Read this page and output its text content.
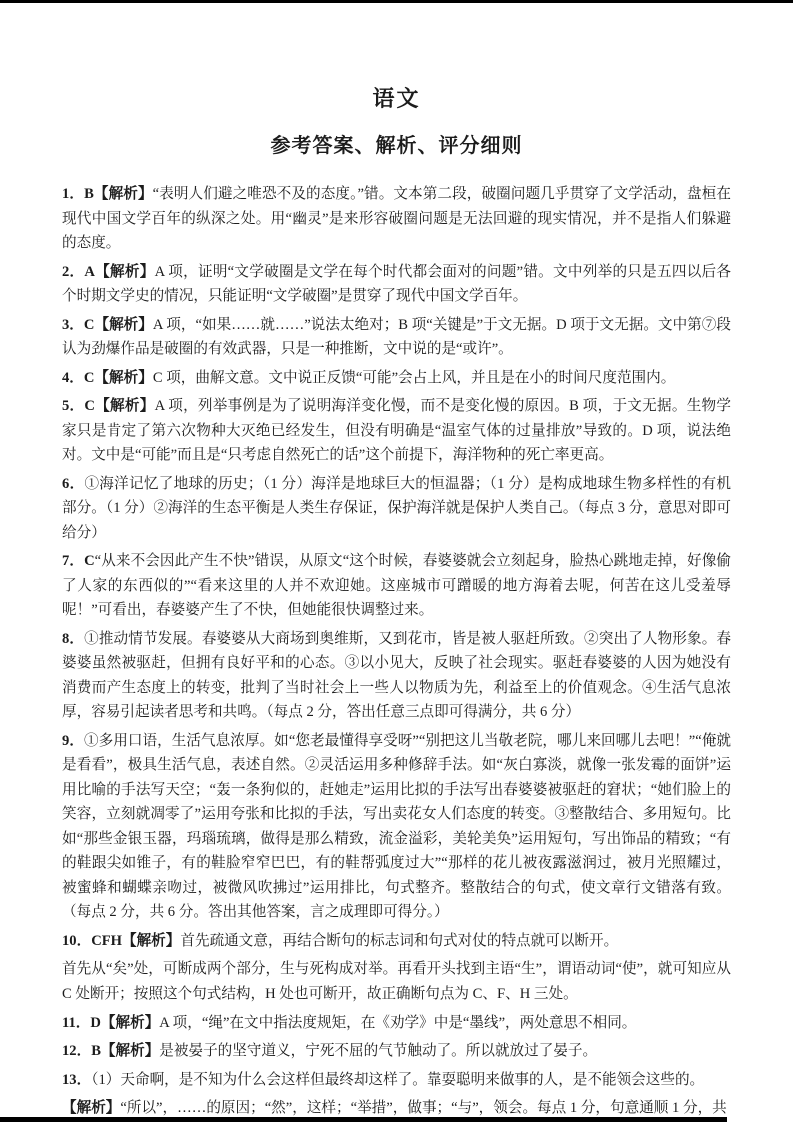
语文
参考答案、解析、评分细则

1．B【解析】“表明人们避之唯恐不及的态度。”错。文本第二段，破圈问题几乎贯穿了文学活动，盘桓在现代中国文学百年的纵深之处。用“幽灵”是来形容破圈问题是无法回避的现实情况，并不是指人们躲避的态度。

2．A【解析】A 项，证明“文学破圈是文学在每个时代都会面对的问题”错。文中列举的只是五四以后各个时期文学史的情况，只能证明“文学破圈”是贯穿了现代中国文学百年。

3．C【解析】A 项，“如果……就……”说法太绝对；B 项“关键是”于文无据。D 项于文无据。文中第⑦段认为劲爆作品是破圈的有效武器，只是一种推断，文中说的是“或许”。

4．C【解析】C 项，曲解文意。文中说正反馈“可能”会占上风，并且是在小的时间尺度范围内。

5．C【解析】A 项，列举事例是为了说明海洋变化慢，而不是变化慢的原因。B 项，于文无据。生物学家只是肯定了第六次物种大灭绝已经发生，但没有明确是“温室气体的过量排放”导致的。D 项，说法绝对。文中是“可能”而且是“只考虑自然死亡的话”这个前提下，海洋物种的死亡率更高。

6．①海洋记忆了地球的历史；（1 分）海洋是地球巨大的恒温器；（1 分）是构成地球生物多样性的有机部分。（1 分）②海洋的生态平衡是人类生存保证，保护海洋就是保护人类自己。（每点 3 分，意思对即可给分）

7．C“从来不会因此产生不快”错误，从原文“这个时候，春婆婆就会立刻起身，脸热心跳地走掉，好像偷了人家的东西似的”“看来这里的人并不欢迎她。这座城市可蹭暖的地方海着去呢，何苦在这儿受羞辱呢！”可看出，春婆婆产生了不快，但她能很快调整过来。

8．①推动情节发展。春婆婆从大商场到奥维斯，又到花市，皆是被人驱赶所致。②突出了人物形象。春婆婆虽然被驱赶，但拥有良好平和的心态。③以小见大，反映了社会现实。驱赶春婆婆的人因为她没有消费而产生态度上的转变，批判了当时社会上一些人以物质为先，利益至上的价值观念。④生活气息浓厚，容易引起读者思考和共鸣。（每点 2 分，答出任意三点即可得满分，共 6 分）

9．①多用口语，生活气息浓厚。如“您老最懂得享受呀”“别把这儿当敬老院，哪儿来回哪儿去吧！”“俺就是看看”，极具生活气息，表述自然。②灵活运用多种修辞手法。如“灰白寡淡，就像一张发霉的面饼”运用比喻的手法写天空；“轰一条狗似的，赶她走”运用比拟的手法写出春婆婆被驱赶的窘状；“她们脸上的笑容，立刻就凋零了”运用夸张和比拟的手法，写出卖花女人们态度的转变。③整散结合、多用短句。比如“那些金银玉器，玛瑙琉璃，做得是那么精致，流金溢彩，美轮美奂”运用短句，写出饰品的精致；“有的鞋跟尖如锥子，有的鞋脸窄窄巴巴，有的鞋帮弧度过大”“那样的花儿被夜露滋润过，被月光照耀过，被蜜蜂和蝴蝶亲吻过，被微风吹拂过”运用排比，句式整齐。整散结合的句式，使文章行文错落有致。（每点 2 分，共 6 分。答出其他答案，言之成理即可得分。）

10．CFH【解析】首先疏通文意，再结合断句的标志词和句式对仗的特点就可以断开。

首先从“矣”处，可断成两个部分，生与死构成对举。再看开头找到主语“生”，谓语动词“使”，就可知应从 C 处断开；按照这个句式结构，H 处也可断开，故正确断句点为 C、F、H 三处。

11．D【解析】A 项，“绳”在文中指法度规矩，在《劝学》中是“墨线”，两处意思不相同。

12．B【解析】是被晏子的坚守道义，宁死不屈的气节触动了。所以就放过了晏子。

13．（1）天命啊，是不知为什么会这样但最终却这样了。靠耍聪明来做事的人，是不能领会这些的。

【解析】“所以”，……的原因；“然”，这样；“举措”，做事；“与”，领会。每点 1 分，句意通顺 1 分，共
